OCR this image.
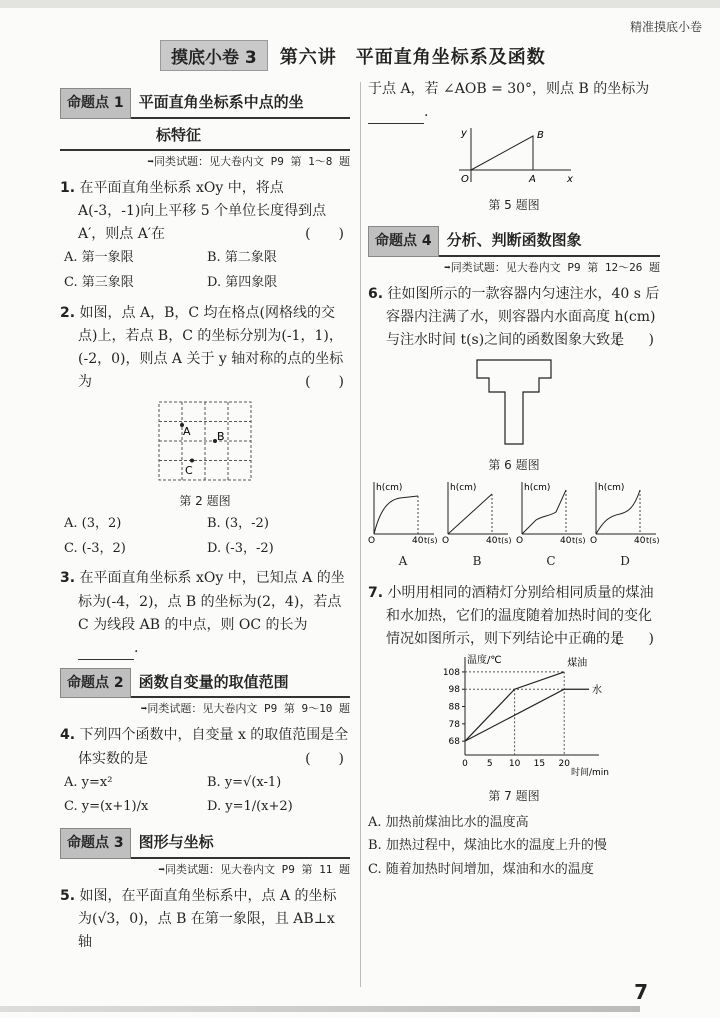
精准摸底小卷
摸底小卷 3	第六讲　平面直角坐标系及函数
命题点 1	平面直角坐标系中点的坐
标特征
➡同类试题：见大卷内文 P9 第 1～8 题
1. 在平面直角坐标系 xOy 中，将点 A(-3，-1)向上平移 5 个单位长度得到点 A′，则点 A′在	(　　)
A. 第一象限	B. 第二象限
C. 第三象限	D. 第四象限
2. 如图，点 A，B，C 均在格点(网格线的交点)上，若点 B，C 的坐标分别为(-1，1)，(-2，0)，则点 A 关于 y 轴对称的点的坐标为	(　　)
A B
C
第 2 题图
A. (3，2)	B. (3，-2)
C. (-3，2)	D. (-3，-2)
3. 在平面直角坐标系 xOy 中，已知点 A 的坐标为(-4，2)，点 B 的坐标为(2，4)，若点 C 为线段 AB 的中点，则 OC 的长为 .
命题点 2	函数自变量的取值范围
➡同类试题：见大卷内文 P9 第 9～10 题
4. 下列四个函数中，自变量 x 的取值范围是全体实数的是	(　　)
A. y=x²	B. y=√(x-1)
C. y=(x+1)/x	D. y=1/(x+2)
命题点 3	图形与坐标
➡同类试题：见大卷内文 P9 第 11 题
5. 如图，在平面直角坐标系中，点 A 的坐标为(√3，0)，点 B 在第一象限，且 AB⊥x 轴
于点 A，若 ∠AOB = 30°，则点 B 的坐标为 .
y
x
O	A
B
第 5 题图
命题点 4	分析、判断函数图象
➡同类试题：见大卷内文 P9 第 12～26 题
6. 往如图所示的一款容器内匀速注水，40 s 后容器内注满了水，则容器内水面高度 h(cm)与注水时间 t(s)之间的函数图象大致是
(　　)
第 6 题图
h(cm)
40 t(s)
O
A
h(cm)
40 t(s)
O
B
h(cm)
40 t(s)
O
C
h(cm)
40 t(s)
O
D
7. 小明用相同的酒精灯分别给相同质量的煤油和水加热，它们的温度随着加热时间的变化情况如图所示，则下列结论中正确的是
(　　)
温度/℃
时间/min
68
78
88
98
108
0 5 10 15 20
煤油
水
第 7 题图
A. 加热前煤油比水的温度高
B. 加热过程中，煤油比水的温度上升的慢
C. 随着加热时间增加，煤油和水的温度
7
